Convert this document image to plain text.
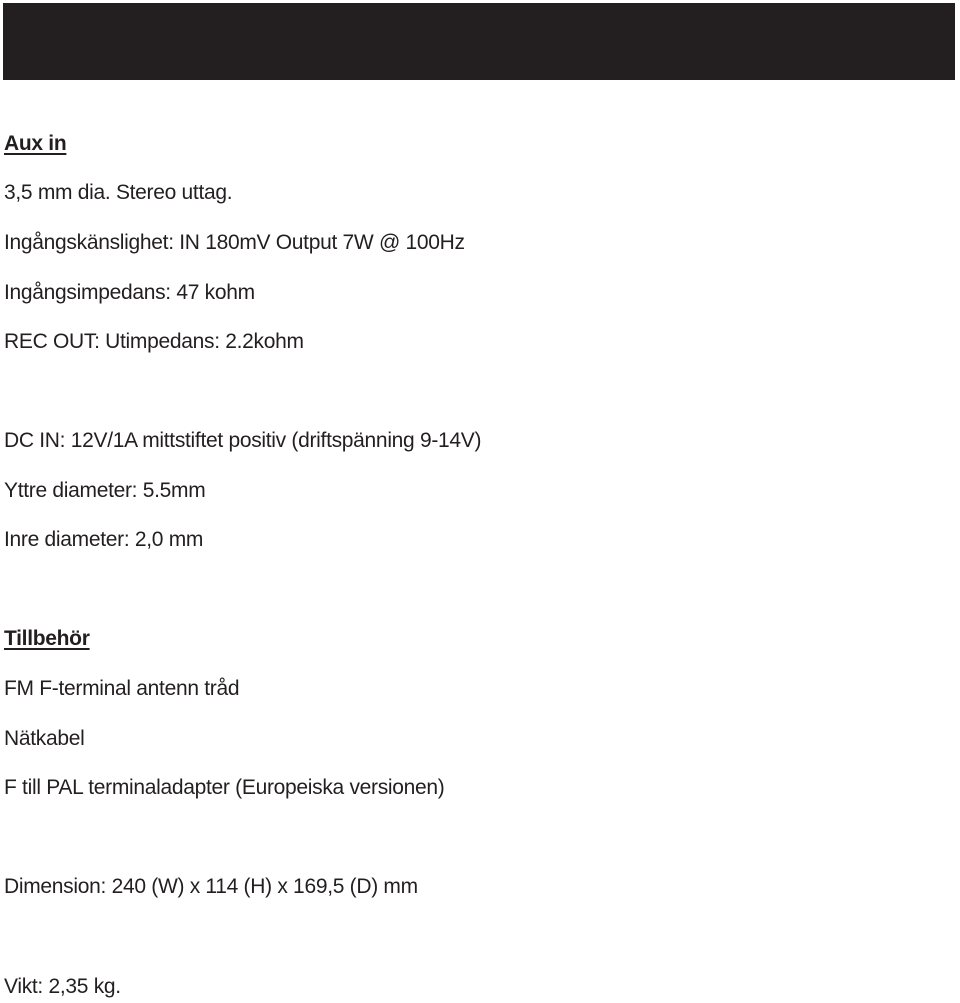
Aux in
3,5 mm dia. Stereo uttag.
Ingångskänslighet: IN 180mV Output 7W @ 100Hz
Ingångsimpedans: 47 kohm
REC OUT: Utimpedans: 2.2kohm
DC IN: 12V/1A mittstiftet positiv (driftspänning 9-14V)
Yttre diameter: 5.5mm
Inre diameter: 2,0 mm
Tillbehör
FM F-terminal antenn tråd
Nätkabel
F till PAL terminaladapter (Europeiska versionen)
Dimension: 240 (W) x 114 (H) x 169,5 (D) mm
Vikt: 2,35 kg.
